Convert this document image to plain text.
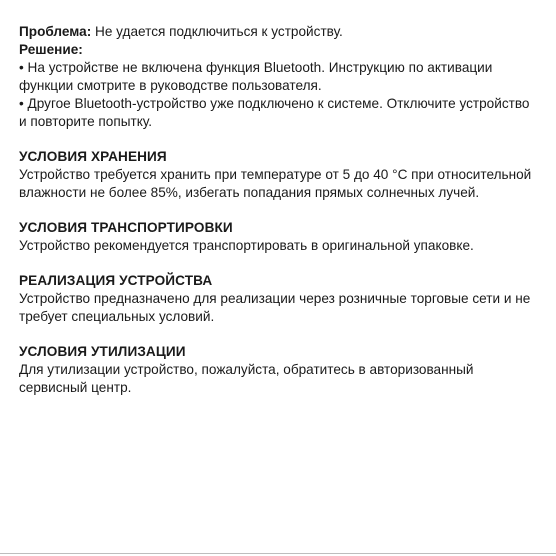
Проблема: Не удается подключиться к устройству.

Решение:

• На устройстве не включена функция Bluetooth. Инструкцию по активации функции смотрите в руководстве пользователя.

• Другое Bluetooth-устройство уже подключено к системе. Отключите устройство и повторите попытку.

УСЛОВИЯ ХРАНЕНИЯ

Устройство требуется хранить при температуре от 5 до 40 °C при относительной влажности не более 85%, избегать попадания прямых солнечных лучей.

УСЛОВИЯ ТРАНСПОРТИРОВКИ

Устройство рекомендуется транспортировать в оригинальной упаковке.

РЕАЛИЗАЦИЯ УСТРОЙСТВА

Устройство предназначено для реализации через розничные торговые сети и не требует специальных условий.

УСЛОВИЯ УТИЛИЗАЦИИ

Для утилизации устройство, пожалуйста, обратитесь в авторизованный сервисный центр.
